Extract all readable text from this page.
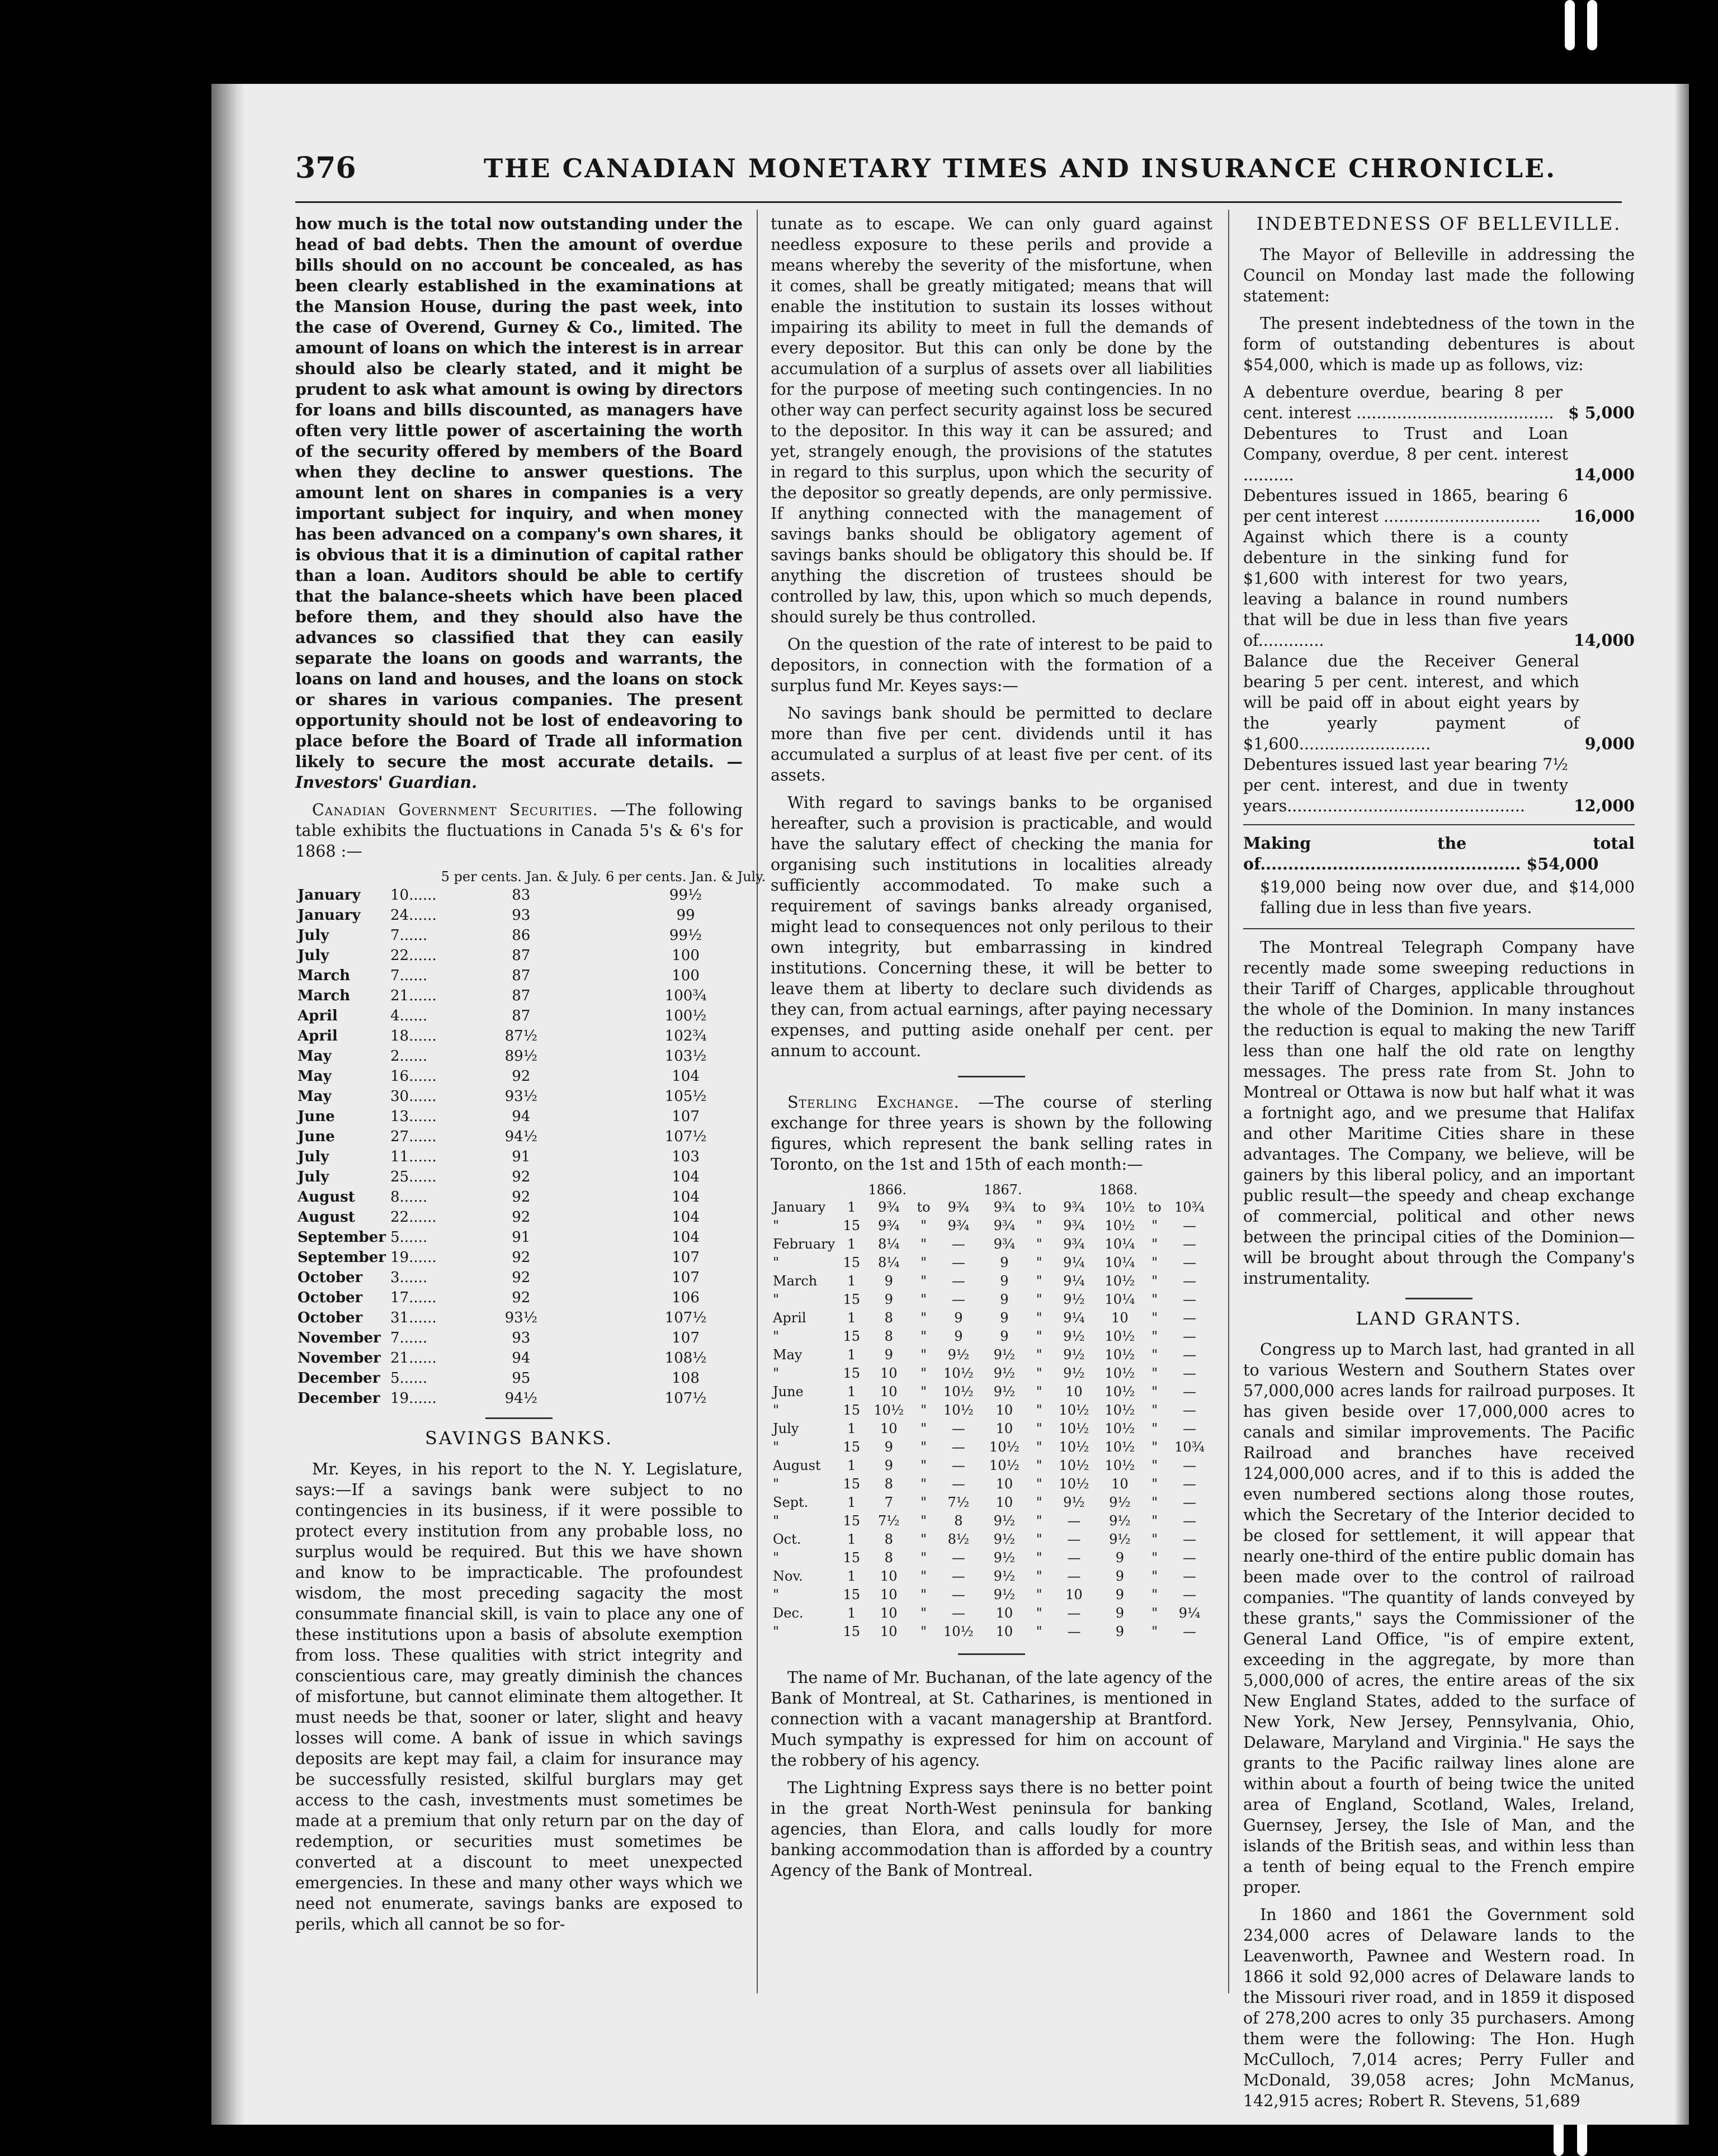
376	THE CANADIAN MONETARY TIMES AND INSURANCE CHRONICLE.

how much is the total now outstanding under the head of bad debts. Then the amount of overdue bills should on no account be concealed, as has been clearly established in the examinations at the Mansion House, during the past week, into the case of Overend, Gurney & Co., limited. The amount of loans on which the interest is in arrear should also be clearly stated, and it might be prudent to ask what amount is owing by directors for loans and bills discounted, as managers have often very little power of ascertaining the worth of the security offered by members of the Board when they decline to answer questions. The amount lent on shares in companies is a very important subject for inquiry, and when money has been advanced on a company's own shares, it is obvious that it is a diminution of capital rather than a loan. Auditors should be able to certify that the balance-sheets which have been placed before them, and they should also have the advances so classified that they can easily separate the loans on goods and warrants, the loans on land and houses, and the loans on stock or shares in various companies. The present opportunity should not be lost of endeavoring to place before the Board of Trade all information likely to secure the most accurate details. —Investors' Guardian.

Canadian Government Securities. —The following table exhibits the fluctuations in Canada 5's & 6's for 1868 :—

		5 per cents. Jan. & July.	6 per cents. Jan. & July.
January	10......	83	99½
January	24......	93	99
July	7......	86	99½
July	22......	87	100
March	7......	87	100
March	21......	87	100¾
April	4......	87	100½
April	18......	87½	102¾
May	2......	89½	103½
May	16......	92	104
May	30......	93½	105½
June	13......	94	107
June	27......	94½	107½
July	11......	91	103
July	25......	92	104
August	8......	92	104
August	22......	92	104
September	5......	91	104
September	19......	92	107
October	3......	92	107
October	17......	92	106
October	31......	93½	107½
November	7......	93	107
November	21......	94	108½
December	5......	95	108
December	19......	94½	107½
SAVINGS BANKS.

Mr. Keyes, in his report to the N. Y. Legislature, says:—If a savings bank were subject to no contingencies in its business, if it were possible to protect every institution from any probable loss, no surplus would be required. But this we have shown and know to be impracticable. The profoundest wisdom, the most preceding sagacity the most consummate financial skill, is vain to place any one of these institutions upon a basis of absolute exemption from loss. These qualities with strict integrity and conscientious care, may greatly diminish the chances of misfortune, but cannot eliminate them altogether. It must needs be that, sooner or later, slight and heavy losses will come. A bank of issue in which savings deposits are kept may fail, a claim for insurance may be successfully resisted, skilful burglars may get access to the cash, investments must sometimes be made at a premium that only return par on the day of redemption, or securities must sometimes be converted at a discount to meet unexpected emergencies. In these and many other ways which we need not enumerate, savings banks are exposed to perils, which all cannot be so for-

tunate as to escape. We can only guard against needless exposure to these perils and provide a means whereby the severity of the misfortune, when it comes, shall be greatly mitigated; means that will enable the institution to sustain its losses without impairing its ability to meet in full the demands of every depositor. But this can only be done by the accumulation of a surplus of assets over all liabilities for the purpose of meeting such contingencies. In no other way can perfect security against loss be secured to the depositor. In this way it can be assured; and yet, strangely enough, the provisions of the statutes in regard to this surplus, upon which the security of the depositor so greatly depends, are only permissive. If anything connected with the management of savings banks should be obligatory agement of savings banks should be obligatory this should be. If anything the discretion of trustees should be controlled by law, this, upon which so much depends, should surely be thus controlled.

On the question of the rate of interest to be paid to depositors, in connection with the formation of a surplus fund Mr. Keyes says:—

No savings bank should be permitted to declare more than five per cent. dividends until it has accumulated a surplus of at least five per cent. of its assets.

With regard to savings banks to be organised hereafter, such a provision is practicable, and would have the salutary effect of checking the mania for organising such institutions in localities already sufficiently accommodated. To make such a requirement of savings banks already organised, might lead to consequences not only perilous to their own integrity, but embarrassing in kindred institutions. Concerning these, it will be better to leave them at liberty to declare such dividends as they can, from actual earnings, after paying necessary expenses, and putting aside onehalf per cent. per annum to account.

Sterling Exchange. —The course of sterling exchange for three years is shown by the following figures, which represent the bank selling rates in Toronto, on the 1st and 15th of each month:—

		1866.			1867.			1868.		
January	1	9¾	to	9¾	9¾	to	9¾	10½	to	10¾
"	15	9¾	"	9¾	9¾	"	9¾	10½	"	—
February	1	8¼	"	—	9¾	"	9¾	10¼	"	—
"	15	8¼	"	—	9	"	9¼	10¼	"	—
March	1	9	"	—	9	"	9¼	10½	"	—
"	15	9	"	—	9	"	9½	10¼	"	—
April	1	8	"	9	9	"	9¼	10	"	—
"	15	8	"	9	9	"	9½	10½	"	—
May	1	9	"	9½	9½	"	9½	10½	"	—
"	15	10	"	10½	9½	"	9½	10½	"	—
June	1	10	"	10½	9½	"	10	10½	"	—
"	15	10½	"	10½	10	"	10½	10½	"	—
July	1	10	"	—	10	"	10½	10½	"	—
"	15	9	"	—	10½	"	10½	10½	"	10¾
August	1	9	"	—	10½	"	10½	10½	"	—
"	15	8	"	—	10	"	10½	10	"	—
Sept.	1	7	"	7½	10	"	9½	9½	"	—
"	15	7½	"	8	9½	"	—	9½	"	—
Oct.	1	8	"	8½	9½	"	—	9½	"	—
"	15	8	"	—	9½	"	—	9	"	—
Nov.	1	10	"	—	9½	"	—	9	"	—
"	15	10	"	—	9½	"	10	9	"	—
Dec.	1	10	"	—	10	"	—	9	"	9¼
"	15	10	"	10½	10	"	—	9	"	—

The name of Mr. Buchanan, of the late agency of the Bank of Montreal, at St. Catharines, is mentioned in connection with a vacant managership at Brantford. Much sympathy is expressed for him on account of the robbery of his agency.

The Lightning Express says there is no better point in the great North-West peninsula for banking agencies, than Elora, and calls loudly for more banking accommodation than is afforded by a country Agency of the Bank of Montreal.

INDEBTEDNESS OF BELLEVILLE.

The Mayor of Belleville in addressing the Council on Monday last made the following statement:

The present indebtedness of the town in the form of outstanding debentures is about $54,000, which is made up as follows, viz:

A debenture overdue, bearing 8 per cent. interest ....................................... $ 5,000
Debentures to Trust and Loan Company, overdue, 8 per cent. interest ..........	14,000
Debentures issued in 1865, bearing 6 per cent interest ...............................	16,000
Against which there is a county debenture in the sinking fund for $1,600 with interest for two years, leaving a balance in round numbers that will be due in less than five years of.............	14,000
Balance due the Receiver General bearing 5 per cent. interest, and which will be paid off in about eight years by the yearly payment of $1,600..........................	9,000
Debentures issued last year bearing 7½ per cent. interest, and due in twenty years...............................................	12,000
Making the total of............................................... $54,000
$19,000 being now over due, and $14,000 falling due in less than five years.

The Montreal Telegraph Company have recently made some sweeping reductions in their Tariff of Charges, applicable throughout the whole of the Dominion. In many instances the reduction is equal to making the new Tariff less than one half the old rate on lengthy messages. The press rate from St. John to Montreal or Ottawa is now but half what it was a fortnight ago, and we presume that Halifax and other Maritime Cities share in these advantages. The Company, we believe, will be gainers by this liberal policy, and an important public result—the speedy and cheap exchange of commercial, political and other news between the principal cities of the Dominion—will be brought about through the Company's instrumentality.

LAND GRANTS.

Congress up to March last, had granted in all to various Western and Southern States over 57,000,000 acres lands for railroad purposes. It has given beside over 17,000,000 acres to canals and similar improvements. The Pacific Railroad and branches have received 124,000,000 acres, and if to this is added the even numbered sections along those routes, which the Secretary of the Interior decided to be closed for settlement, it will appear that nearly one-third of the entire public domain has been made over to the control of railroad companies. "The quantity of lands conveyed by these grants," says the Commissioner of the General Land Office, "is of empire extent, exceeding in the aggregate, by more than 5,000,000 of acres, the entire areas of the six New England States, added to the surface of New York, New Jersey, Pennsylvania, Ohio, Delaware, Maryland and Virginia." He says the grants to the Pacific railway lines alone are within about a fourth of being twice the united area of England, Scotland, Wales, Ireland, Guernsey, Jersey, the Isle of Man, and the islands of the British seas, and within less than a tenth of being equal to the French empire proper.

In 1860 and 1861 the Government sold 234,000 acres of Delaware lands to the Leavenworth, Pawnee and Western road. In 1866 it sold 92,000 acres of Delaware lands to the Missouri river road, and in 1859 it disposed of 278,200 acres to only 35 purchasers. Among them were the following: The Hon. Hugh McCulloch, 7,014 acres; Perry Fuller and McDonald, 39,058 acres; John McManus, 142,915 acres; Robert R. Stevens, 51,689
